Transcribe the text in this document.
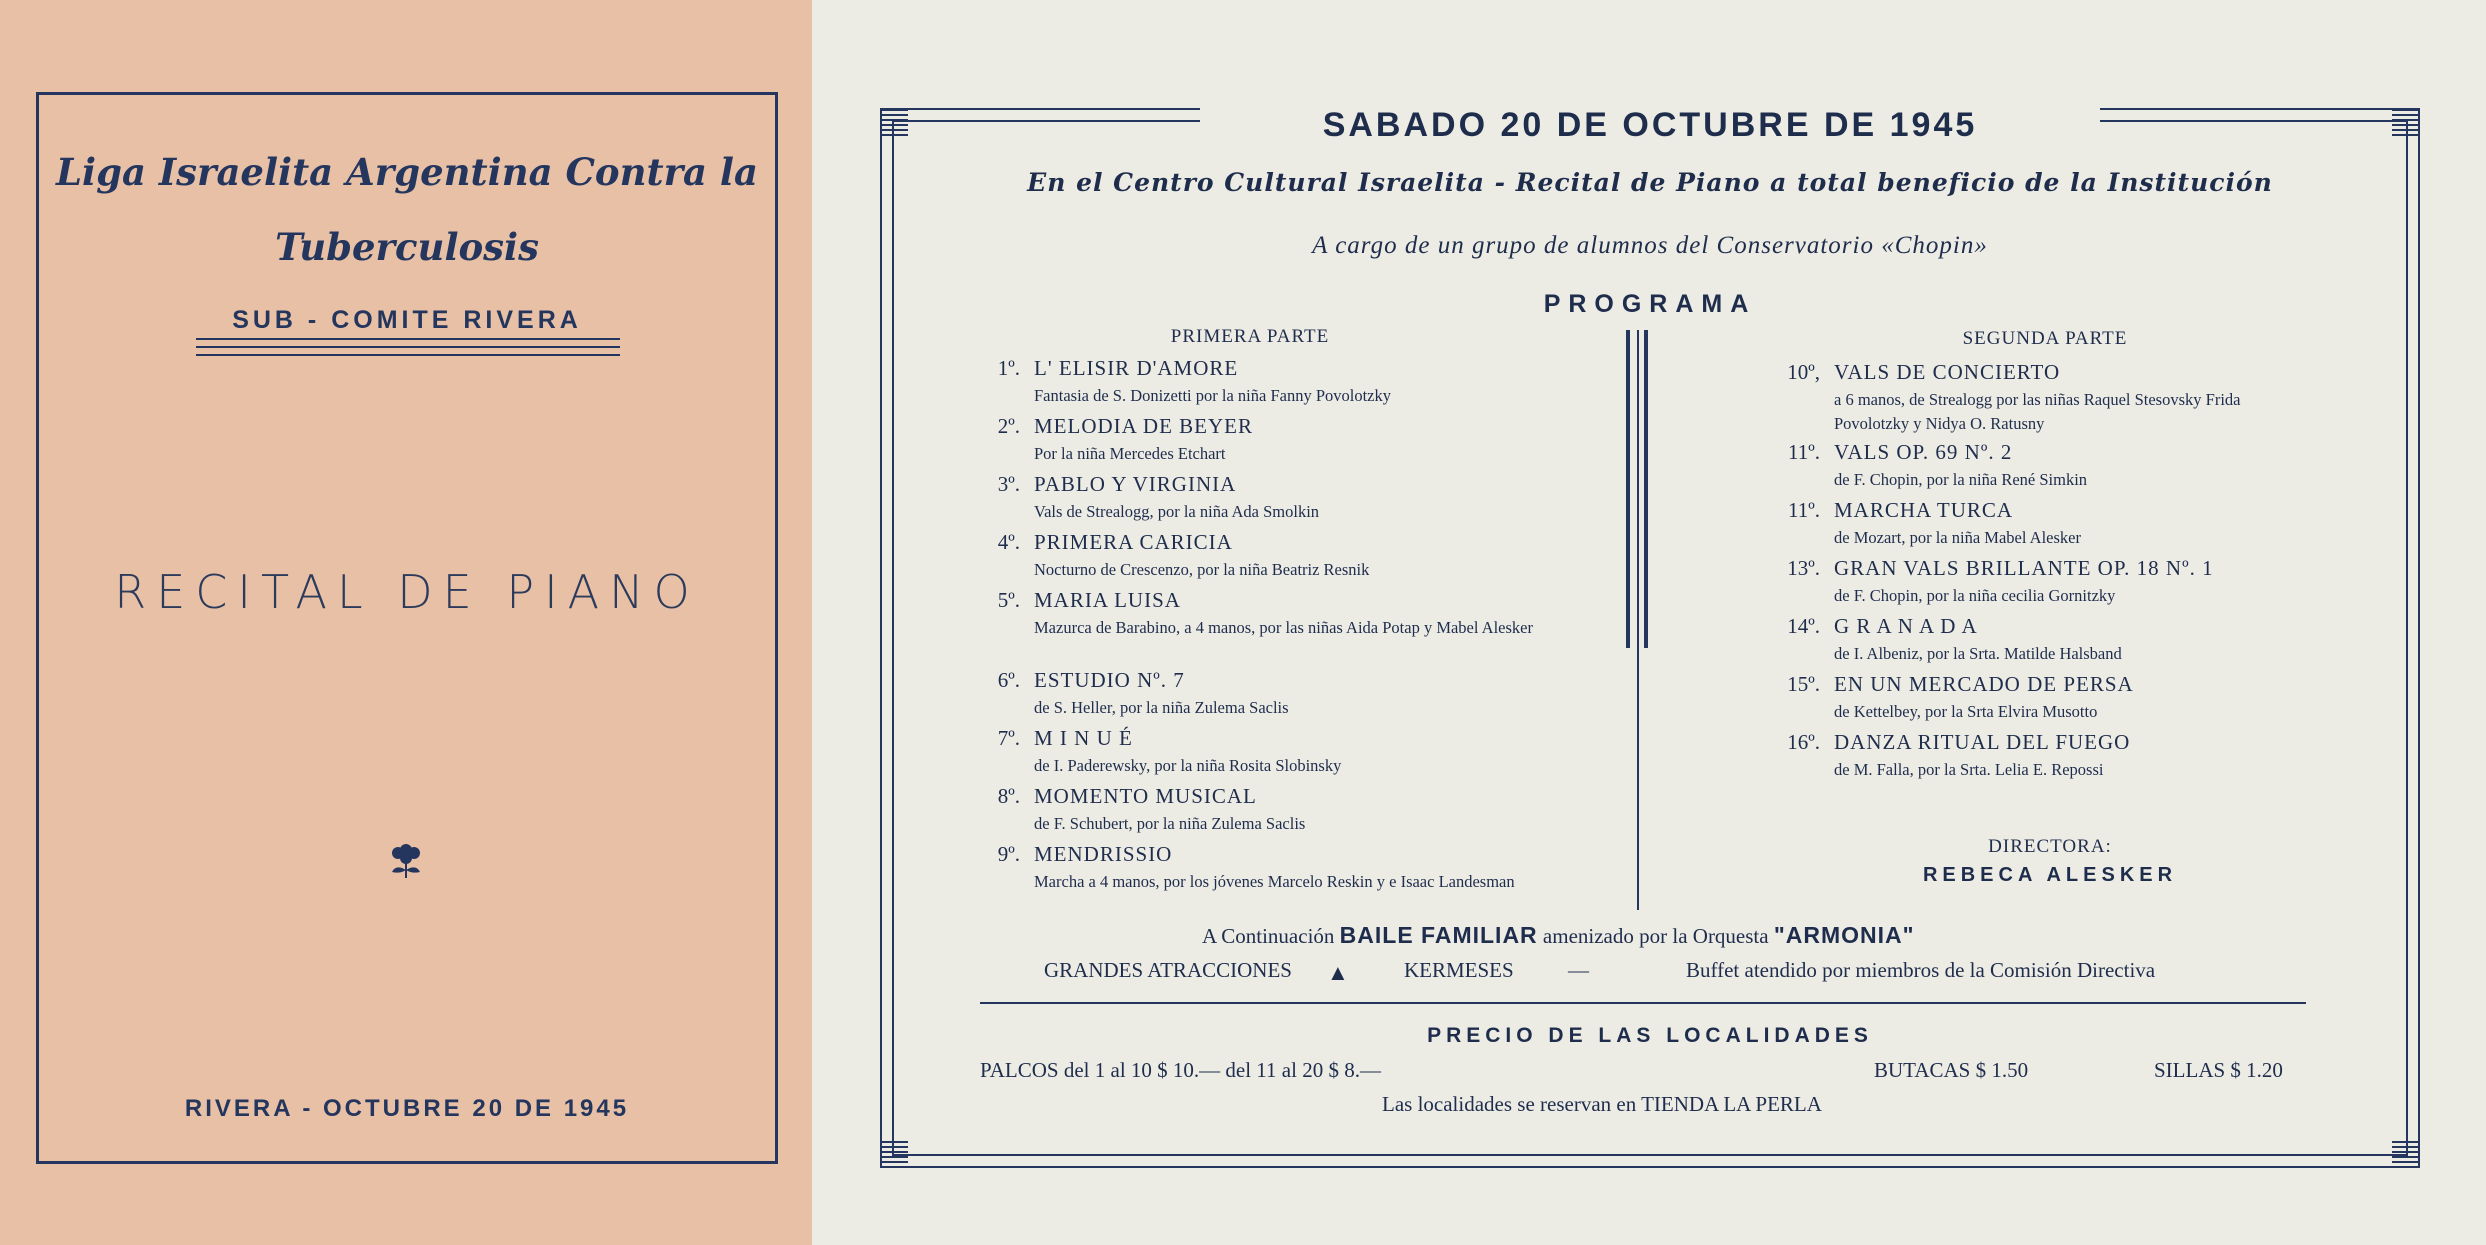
Liga Israelita Argentina Contra la
Tuberculosis
SUB - COMITE RIVERA
RECITAL DE PIANO
RIVERA - OCTUBRE 20 DE 1945
SABADO 20 DE OCTUBRE DE 1945
En el Centro Cultural Israelita - Recital de Piano a total beneficio de la Institución
A cargo de un grupo de alumnos del Conservatorio «Chopin»
PROGRAMA
PRIMERA PARTE	SEGUNDA PARTE
1º. L' ELISIR D'AMORE
Fantasia de S. Donizetti por la niña Fanny Povolotzky
2º. MELODIA DE BEYER
Por la niña Mercedes Etchart
3º. PABLO Y VIRGINIA
Vals de Strealogg, por la niña Ada Smolkin
4º. PRIMERA CARICIA
Nocturno de Crescenzo, por la niña Beatriz Resnik
5º. MARIA LUISA
Mazurca de Barabino, a 4 manos, por las niñas Aida Potap y Mabel Alesker
6º. ESTUDIO Nº. 7
de S. Heller, por la niña Zulema Saclis
7º. M I N U É
de I. Paderewsky, por la niña Rosita Slobinsky
8º. MOMENTO MUSICAL
de F. Schubert, por la niña Zulema Saclis
9º. MENDRISSIO
Marcha a 4 manos, por los jóvenes Marcelo Reskin y e Isaac Landesman
10º, VALS DE CONCIERTO
a 6 manos, de Strealogg por las niñas Raquel Stesovsky Frida Povolotzky y Nidya O. Ratusny
11º. VALS OP. 69 Nº. 2
de F. Chopin, por la niña René Simkin
11º. MARCHA TURCA
de Mozart, por la niña Mabel Alesker
13º. GRAN VALS BRILLANTE OP. 18 Nº. 1
de F. Chopin, por la niña cecilia Gornitzky
14º. G R A N A D A
de I. Albeniz, por la Srta. Matilde Halsband
15º. EN UN MERCADO DE PERSA
de Kettelbey, por la Srta Elvira Musotto
16º. DANZA RITUAL DEL FUEGO
de M. Falla, por la Srta. Lelia E. Repossi
DIRECTORA:
REBECA ALESKER
A Continuación BAILE FAMILIAR amenizado por la Orquesta "ARMONIA"
GRANDES ATRACCIONES ▲	KERMESES	—	Buffet atendido por miembros de la Comisión Directiva
PRECIO DE LAS LOCALIDADES
PALCOS del 1 al 10 $ 10.— del 11 al 20 $ 8.—	BUTACAS $ 1.50	SILLAS $ 1.20
Las localidades se reservan en TIENDA LA PERLA
